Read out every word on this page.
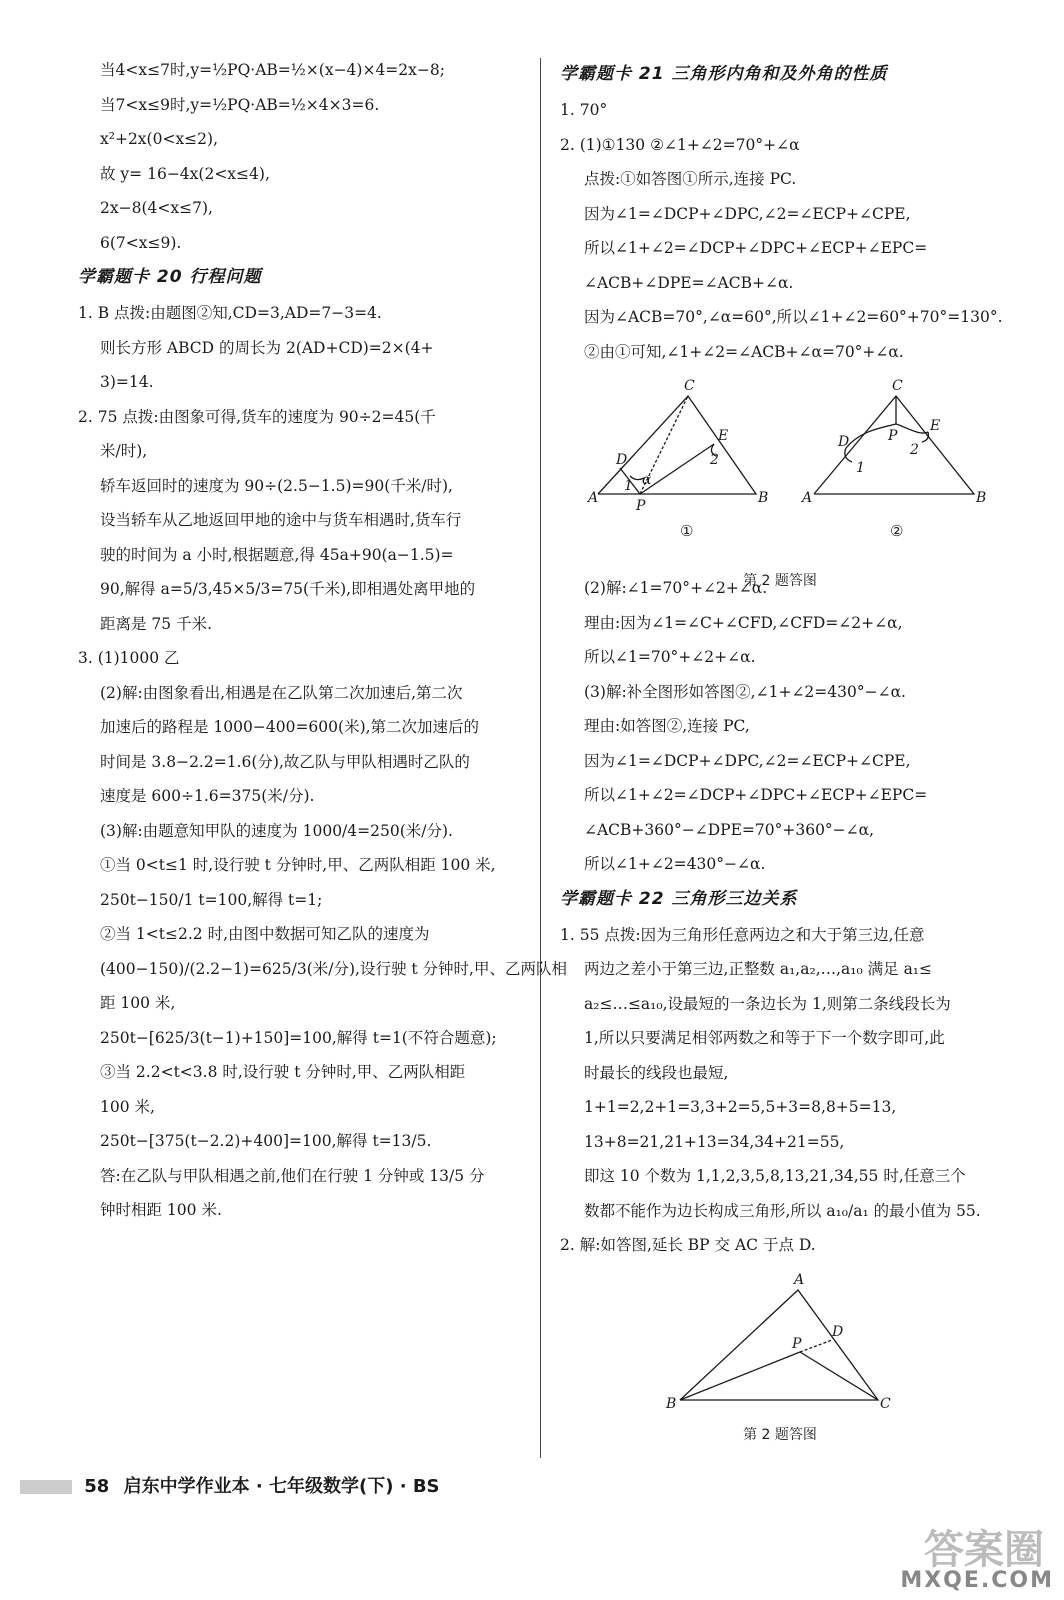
当4<x≤7时,y=½PQ·AB=½×(x−4)×4=2x−8;
当7<x≤9时,y=½PQ·AB=½×4×3=6.
x²+2x(0<x≤2),
故 y= 16−4x(2<x≤4),
2x−8(4<x≤7),
6(7<x≤9).
学霸题卡 20 行程问题
1. B 点拨:由题图②知,CD=3,AD=7−3=4.
则长方形 ABCD 的周长为 2(AD+CD)=2×(4+
3)=14.
2. 75 点拨:由图象可得,货车的速度为 90÷2=45(千
米/时),
轿车返回时的速度为 90÷(2.5−1.5)=90(千米/时),
设当轿车从乙地返回甲地的途中与货车相遇时,货车行
驶的时间为 a 小时,根据题意,得 45a+90(a−1.5)=
90,解得 a=5/3,45×5/3=75(千米),即相遇处离甲地的
距离是 75 千米.
3. (1)1000 乙
(2)解:由图象看出,相遇是在乙队第二次加速后,第二次
加速后的路程是 1000−400=600(米),第二次加速后的
时间是 3.8−2.2=1.6(分),故乙队与甲队相遇时乙队的
速度是 600÷1.6=375(米/分).
(3)解:由题意知甲队的速度为 1000/4=250(米/分).
①当 0<t≤1 时,设行驶 t 分钟时,甲、乙两队相距 100 米,
250t−150/1 t=100,解得 t=1;
②当 1<t≤2.2 时,由图中数据可知乙队的速度为
(400−150)/(2.2−1)=625/3(米/分),设行驶 t 分钟时,甲、乙两队相
距 100 米,
250t−[625/3(t−1)+150]=100,解得 t=1(不符合题意);
③当 2.2<t<3.8 时,设行驶 t 分钟时,甲、乙两队相距
100 米,
250t−[375(t−2.2)+400]=100,解得 t=13/5.
答:在乙队与甲队相遇之前,他们在行驶 1 分钟或 13/5 分
钟时相距 100 米.
学霸题卡 21 三角形内角和及外角的性质
1. 70°
2. (1)①130 ②∠1+∠2=70°+∠α
点拨:①如答图①所示,连接 PC.
因为∠1=∠DCP+∠DPC,∠2=∠ECP+∠CPE,
所以∠1+∠2=∠DCP+∠DPC+∠ECP+∠EPC=
∠ACB+∠DPE=∠ACB+∠α.
因为∠ACB=70°,∠α=60°,所以∠1+∠2=60°+70°=130°.
②由①可知,∠1+∠2=∠ACB+∠α=70°+∠α.
C
E
2
D
1 α
A	B
P
C
E
2
D
1
P
A	B
①	②
第 2 题答图
(2)解:∠1=70°+∠2+∠α.
理由:因为∠1=∠C+∠CFD,∠CFD=∠2+∠α,
所以∠1=70°+∠2+∠α.
(3)解:补全图形如答图②,∠1+∠2=430°−∠α.
理由:如答图②,连接 PC,
因为∠1=∠DCP+∠DPC,∠2=∠ECP+∠CPE,
所以∠1+∠2=∠DCP+∠DPC+∠ECP+∠EPC=
∠ACB+360°−∠DPE=70°+360°−∠α,
所以∠1+∠2=430°−∠α.
学霸题卡 22 三角形三边关系
1. 55 点拨:因为三角形任意两边之和大于第三边,任意
两边之差小于第三边,正整数 a₁,a₂,…,a₁₀ 满足 a₁≤
a₂≤…≤a₁₀,设最短的一条边长为 1,则第二条线段长为
1,所以只要满足相邻两数之和等于下一个数字即可,此
时最长的线段也最短,
1+1=2,2+1=3,3+2=5,5+3=8,8+5=13,
13+8=21,21+13=34,34+21=55,
即这 10 个数为 1,1,2,3,5,8,13,21,34,55 时,任意三个
数都不能作为边长构成三角形,所以 a₁₀/a₁ 的最小值为 55.
2. 解:如答图,延长 BP 交 AC 于点 D.
A
D
P
B	C
第 2 题答图
58 启东中学作业本 · 七年级数学(下) · BS
答案圈
MXQE.COM
